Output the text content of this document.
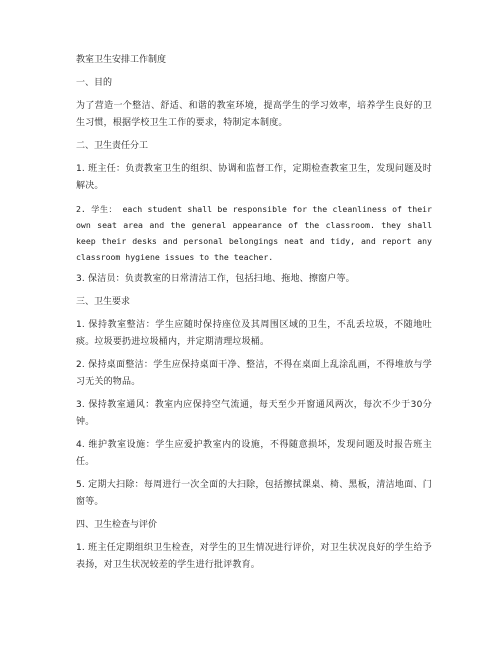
教室卫生安排工作制度

一、目的

为了营造一个整洁、舒适、和谐的教室环境，提高学生的学习效率，培养学生良好的卫生习惯，根据学校卫生工作的要求，特制定本制度。

二、卫生责任分工

1. 班主任：负责教室卫生的组织、协调和监督工作，定期检查教室卫生，发现问题及时解决。

2. 学生： each student shall be responsible for the cleanliness of their own seat area and the general appearance of the classroom. they shall keep their desks and personal belongings neat and tidy, and report any classroom hygiene issues to the teacher.

3. 保洁员：负责教室的日常清洁工作，包括扫地、拖地、擦窗户等。

三、卫生要求

1. 保持教室整洁：学生应随时保持座位及其周围区域的卫生，不乱丢垃圾，不随地吐痰。垃圾要扔进垃圾桶内，并定期清理垃圾桶。

2. 保持桌面整洁：学生应保持桌面干净、整洁，不得在桌面上乱涂乱画，不得堆放与学习无关的物品。

3. 保持教室通风：教室内应保持空气流通，每天至少开窗通风两次，每次不少于30分钟。

4. 维护教室设施：学生应爱护教室内的设施，不得随意损坏，发现问题及时报告班主任。

5. 定期大扫除：每周进行一次全面的大扫除，包括擦拭课桌、椅、黑板，清洁地面、门窗等。

四、卫生检查与评价

1. 班主任定期组织卫生检查，对学生的卫生情况进行评价，对卫生状况良好的学生给予表扬，对卫生状况较差的学生进行批评教育。
